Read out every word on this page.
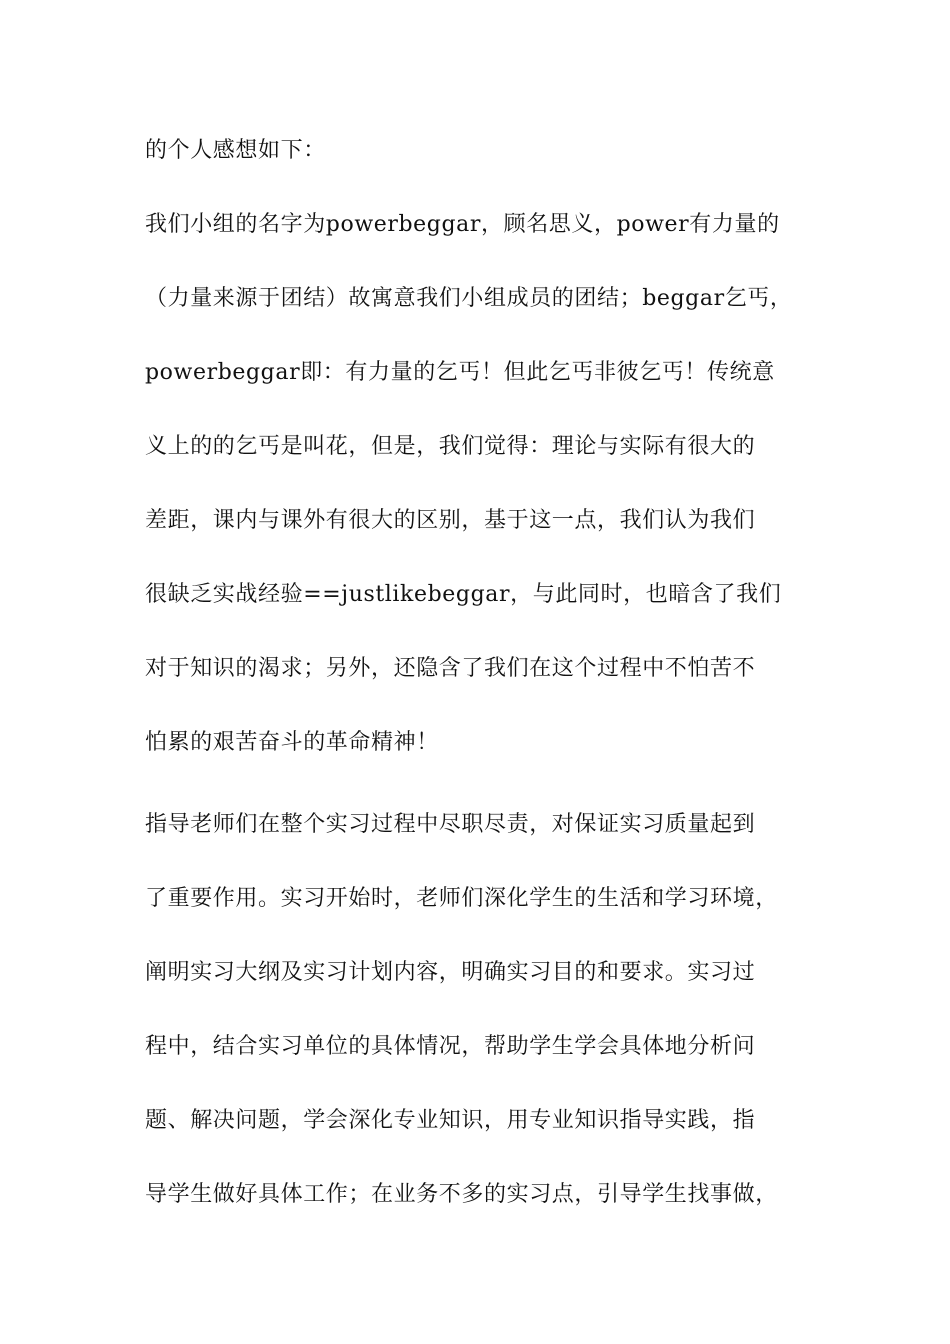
的个人感想如下：
我们小组的名字为powerbeggar，顾名思义，power有力量的
（力量来源于团结）故寓意我们小组成员的团结；beggar乞丐，
powerbeggar即：有力量的乞丐！但此乞丐非彼乞丐！传统意
义上的的乞丐是叫花，但是，我们觉得：理论与实际有很大的
差距，课内与课外有很大的区别，基于这一点，我们认为我们
很缺乏实战经验==justlikebeggar，与此同时，也暗含了我们
对于知识的渴求；另外，还隐含了我们在这个过程中不怕苦不
怕累的艰苦奋斗的革命精神！
指导老师们在整个实习过程中尽职尽责，对保证实习质量起到
了重要作用。实习开始时，老师们深化学生的生活和学习环境，
阐明实习大纲及实习计划内容，明确实习目的和要求。实习过
程中，结合实习单位的具体情况，帮助学生学会具体地分析问
题、解决问题，学会深化专业知识，用专业知识指导实践，指
导学生做好具体工作；在业务不多的实习点，引导学生找事做，
